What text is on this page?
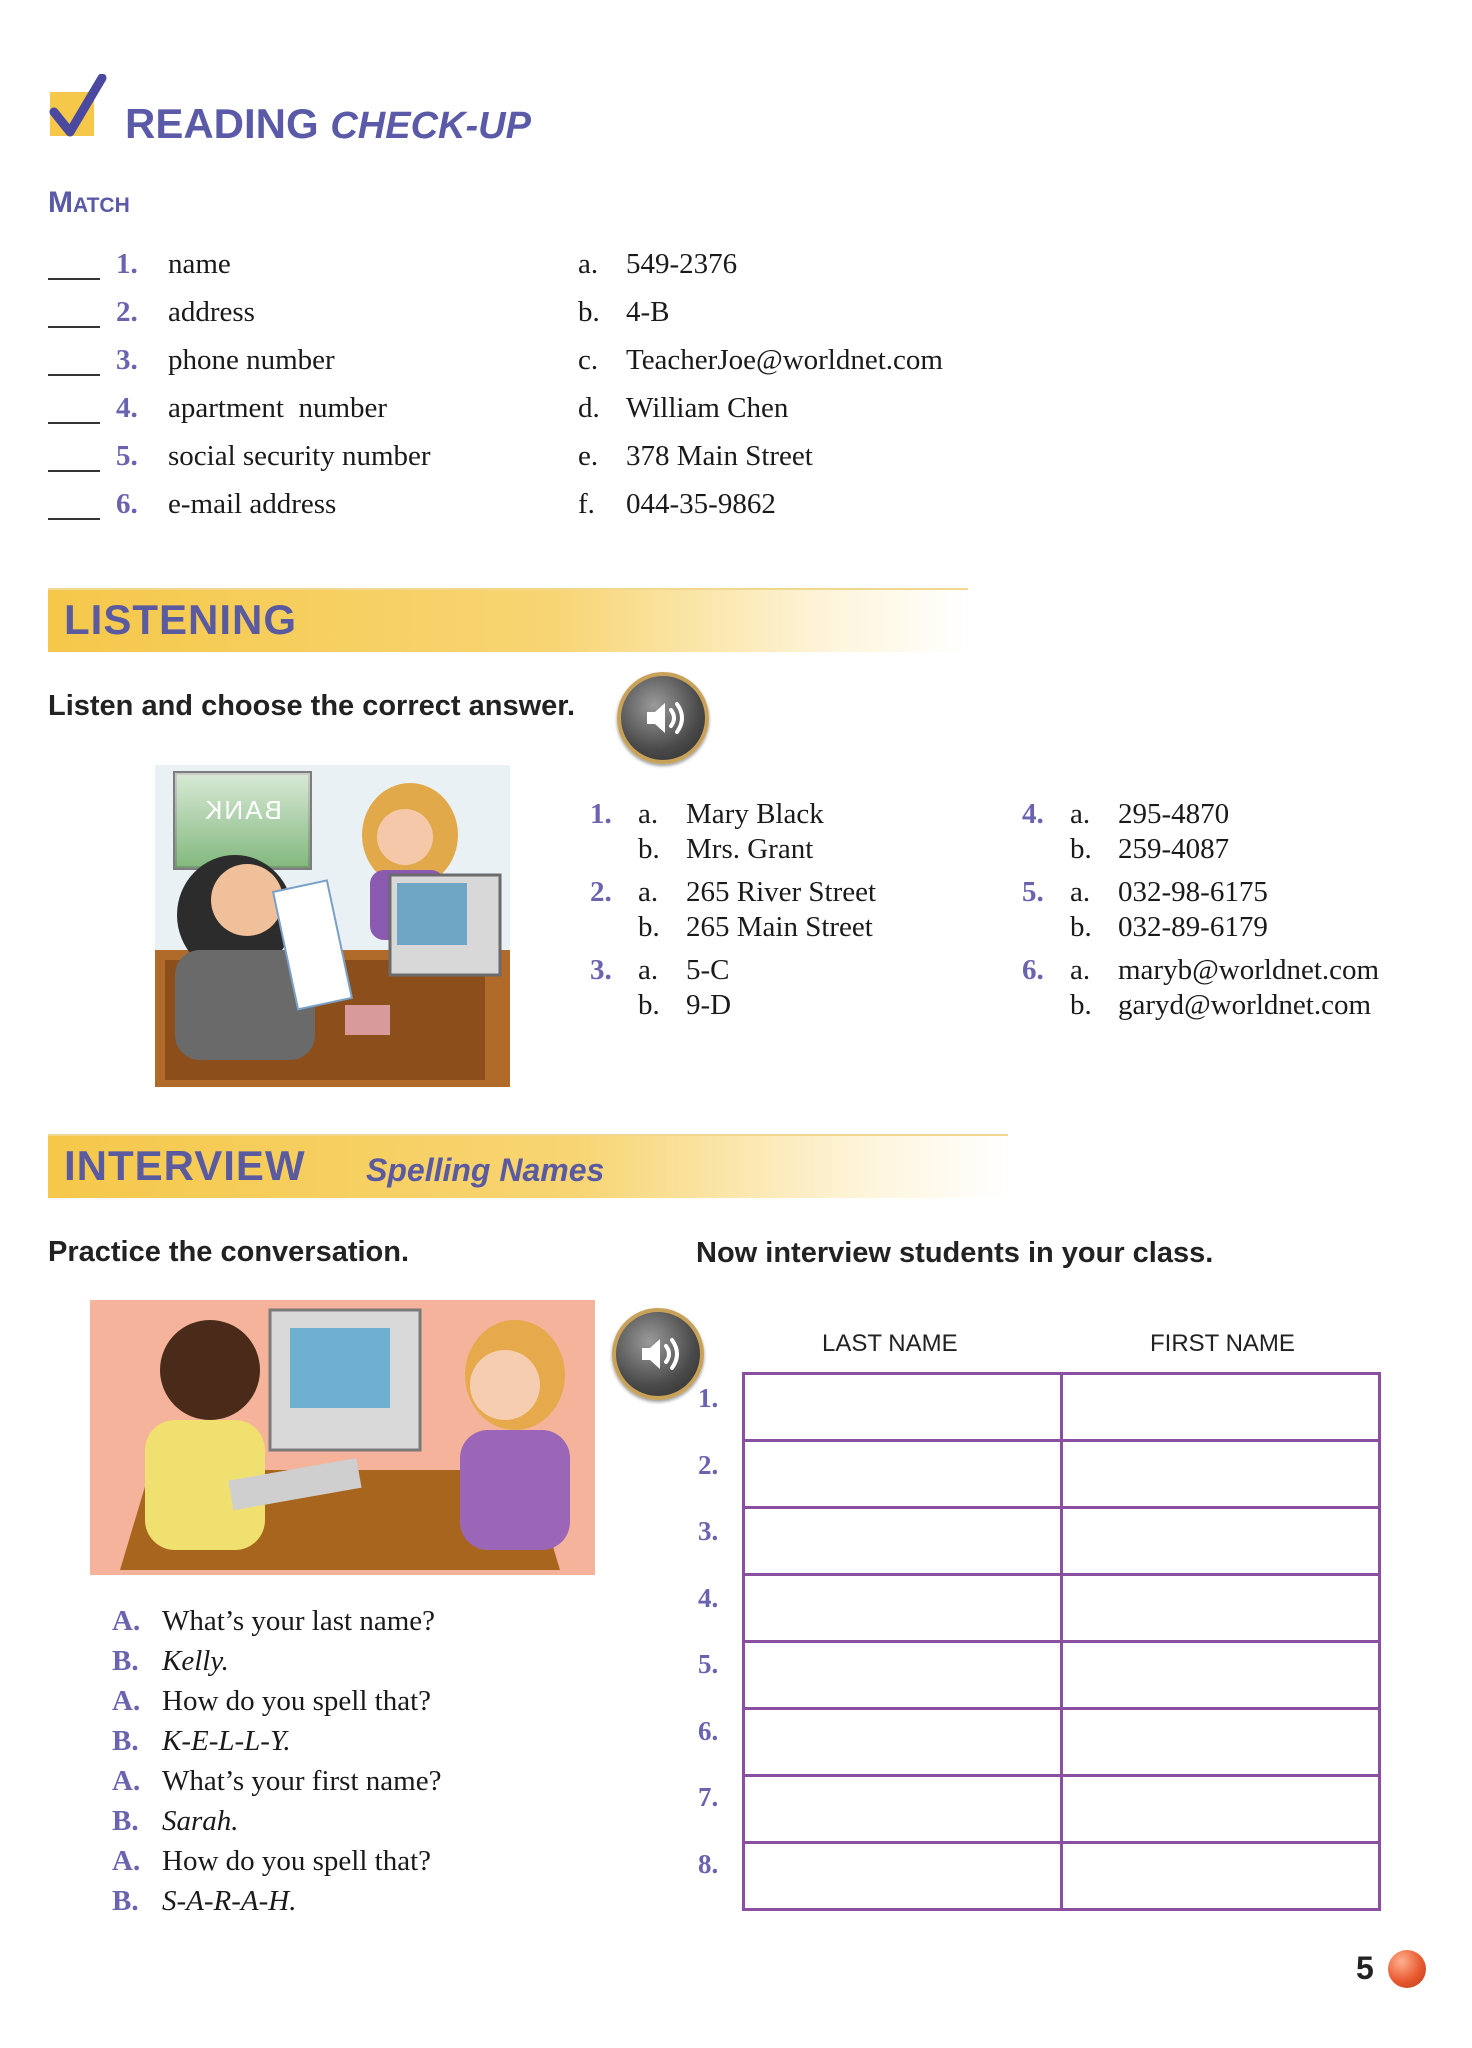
READING CHECK-UP
Match
1. name	a. 549-2376
2. address	b. 4-B
3. phone number	c. TeacherJoe@worldnet.com
4. apartment  number	d. William Chen
5. social security number	e. 378 Main Street
6. e-mail address	f. 044-35-9862
LISTENING
Listen and choose the correct answer.
BANK	1. a. Mary Black
b. Mrs. Grant
2. a. 265 River Street
b. 265 Main Street
3. a. 5-C
b. 9-D
4. a. 295-4870
b. 259-4087
5. a. 032-98-6175
b. 032-89-6179
6. a. maryb@worldnet.com
b. garyd@worldnet.com
INTERVIEW Spelling Names
Practice the conversation.	Now interview students in your class.
A. What’s your last name?
B. Kelly.
A. How do you spell that?
B. K-E-L-L-Y.
A. What’s your first name?
B. Sarah.
A. How do you spell that?
B. S-A-R-A-H.
LAST NAME	FIRST NAME

1.
2.
3.
4.
5.
6.
7.
8.
5
